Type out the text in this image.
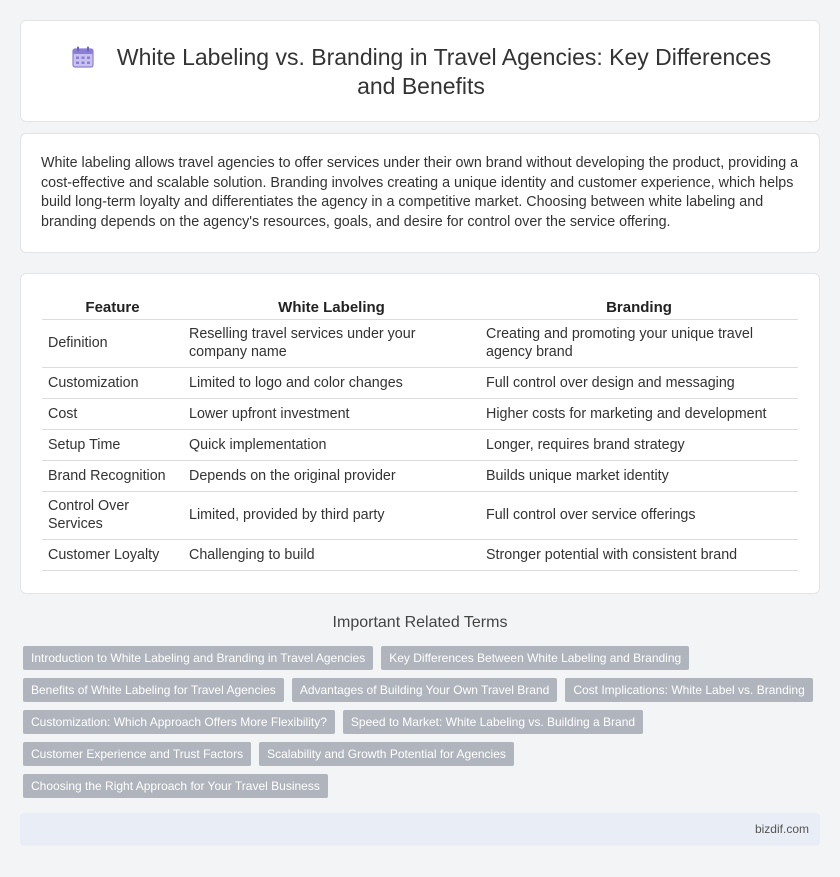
White Labeling vs. Branding in Travel Agencies: Key Differences
and Benefits

White labeling allows travel agencies to offer services under their own brand without developing the product, providing a cost-effective and scalable solution. Branding involves creating a unique identity and customer experience, which helps build long-term loyalty and differentiates the agency in a competitive market. Choosing between white labeling and branding depends on the agency's resources, goals, and desire for control over the service offering.

Feature	White Labeling	Branding
Definition	Reselling travel services under your company name	Creating and promoting your unique travel agency brand
Customization	Limited to logo and color changes	Full control over design and messaging
Cost	Lower upfront investment	Higher costs for marketing and development
Setup Time	Quick implementation	Longer, requires brand strategy
Brand Recognition	Depends on the original provider	Builds unique market identity
Control Over Services	Limited, provided by third party	Full control over service offerings
Customer Loyalty	Challenging to build	Stronger potential with consistent brand
Important Related Terms
Introduction to White Labeling and Branding in Travel Agencies	Key Differences Between White Labeling and Branding
Benefits of White Labeling for Travel Agencies	Advantages of Building Your Own Travel Brand	Cost Implications: White Label vs. Branding
Customization: Which Approach Offers More Flexibility?	Speed to Market: White Labeling vs. Building a Brand
Customer Experience and Trust Factors	Scalability and Growth Potential for Agencies
Choosing the Right Approach for Your Travel Business
bizdif.com
